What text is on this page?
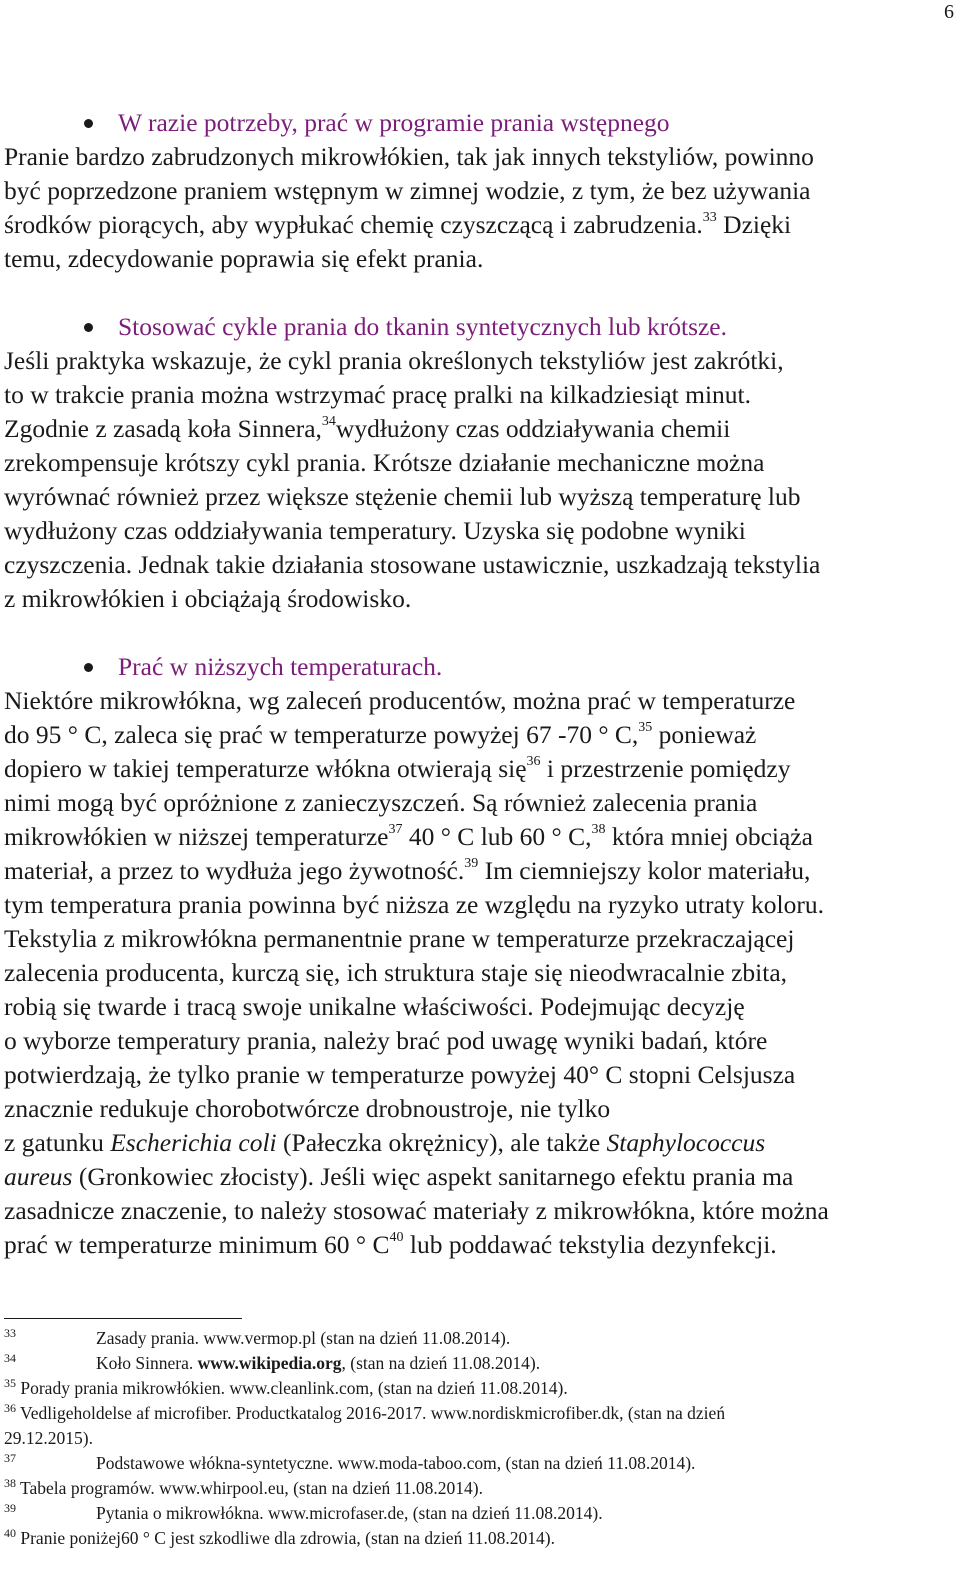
6
W razie potrzeby, prać w programie prania wstępnego
Pranie bardzo zabrudzonych mikrowłókien, tak jak innych tekstyliów, powinno
być poprzedzone praniem wstępnym w zimnej wodzie, z tym, że bez używania
środków piorących, aby wypłukać chemię czyszczącą i zabrudzenia.$^{33}$ Dzięki
temu, zdecydowanie poprawia się efekt prania.
Stosować cykle prania do tkanin syntetycznych lub krótsze.
Jeśli praktyka wskazuje, że cykl prania określonych tekstyliów jest zakrótki,
to w trakcie prania można wstrzymać pracę pralki na kilkadziesiąt minut.
Zgodnie z zasadą koła Sinnera,$^{34}$wydłużony czas oddziaływania chemii
zrekompensuje krótszy cykl prania. Krótsze działanie mechaniczne można
wyrównać również przez większe stężenie chemii lub wyższą temperaturę lub
wydłużony czas oddziaływania temperatury. Uzyska się podobne wyniki
czyszczenia. Jednak takie działania stosowane ustawicznie, uszkadzają tekstylia
z mikrowłókien i obciążają środowisko.
Prać w niższych temperaturach.
Niektóre mikrowłókna, wg zaleceń producentów, można prać w temperaturze
do 95 ° C, zaleca się prać w temperaturze powyżej 67 -70 ° C,$^{35}$ ponieważ
dopiero w takiej temperaturze włókna otwierają się$^{36}$ i przestrzenie pomiędzy
nimi mogą być opróżnione z zanieczyszczeń. Są również zalecenia prania
mikrowłókien w niższej temperaturze$^{37}$ 40 ° C lub 60 ° C,$^{38}$ która mniej obciąża
materiał, a przez to wydłuża jego żywotność.$^{39}$ Im ciemniejszy kolor materiału,
tym temperatura prania powinna być niższa ze względu na ryzyko utraty koloru.
Tekstylia z mikrowłókna permanentnie prane w temperaturze przekraczającej
zalecenia producenta, kurczą się, ich struktura staje się nieodwracalnie zbita,
robią się twarde i tracą swoje unikalne właściwości. Podejmując decyzję
o wyborze temperatury prania, należy brać pod uwagę wyniki badań, które
potwierdzają, że tylko pranie w temperaturze powyżej 40° C stopni Celsjusza
znacznie redukuje chorobotwórcze drobnoustroje, nie tylko
z gatunku Escherichia coli (Pałeczka okrężnicy), ale także Staphylococcus
aureus (Gronkowiec złocisty). Jeśli więc aspekt sanitarnego efektu prania ma
zasadnicze znaczenie, to należy stosować materiały z mikrowłókna, które można
prać w temperaturze minimum 60 ° $C^{40}$ lub poddawać tekstylia dezynfekcji.
$^{33}$	Zasady prania. www.vermop.pl (stan na dzień 11.08.2014).
$^{34}$	Koło Sinnera. www.wikipedia.org, (stan na dzień 11.08.2014).
$^{35}$ Porady prania mikrowłókien. www.cleanlink.com, (stan na dzień 11.08.2014).
$^{36}$ Vedligeholdelse af microfiber. Productkatalog 2016-2017. www.nordiskmicrofiber.dk, (stan na dzień
29.12.2015).
$^{37}$	Podstawowe włókna-syntetyczne. www.moda-taboo.com, (stan na dzień 11.08.2014).
$^{38}$ Tabela programów. www.whirpool.eu, (stan na dzień 11.08.2014).
$^{39}$	Pytania o mikrowłókna. www.microfaser.de, (stan na dzień 11.08.2014).
$^{40}$ Pranie poniżej60 ° C jest szkodliwe dla zdrowia, (stan na dzień 11.08.2014).
